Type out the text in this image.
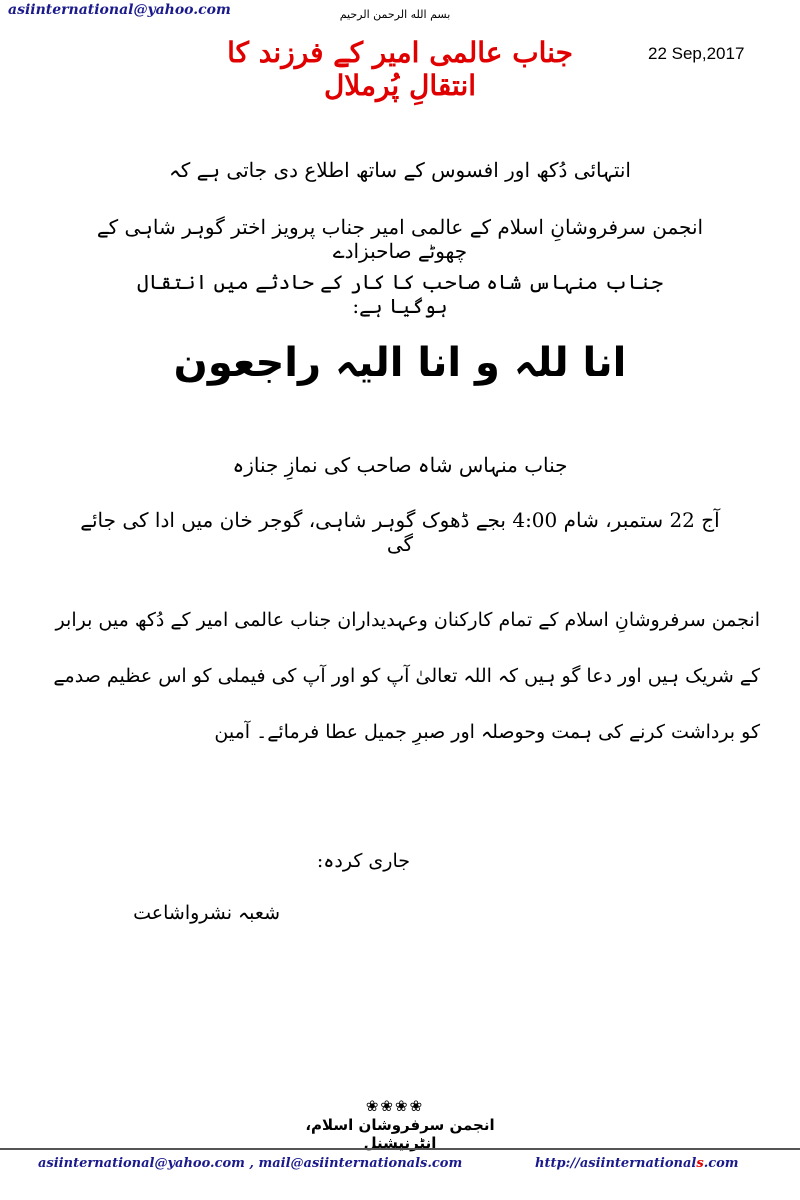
asiinternational@yahoo.com	بسم الله الرحمن الرحیم
جناب عالمی امیر کے فرزند کا انتقالِ پُرملال
22 Sep,2017
انتہائی دُکھ اور افسوس کے ساتھ اطلاع دی جاتی ہے کہ
انجمن سرفروشانِ اسلام کے عالمی امیر جناب پرویز اختر گوہر شاہی کے چھوٹے صاحبزادے
جناب منہاس شاہ صاحب کا کار کے حادثے میں انتقال ہوگیا ہے:
انا للہ و انا الیہ راجعون
جناب منہاس شاہ صاحب کی نمازِ جنازہ
آج 22 ستمبر، شام 4:00 بجے ڈھوک گوہر شاہی، گوجر خان میں ادا کی جائے گی
انجمن سرفروشانِ اسلام کے تمام کارکنان وعہدیداران جناب عالمی امیر کے دُکھ میں برابر کے شریک ہیں اور دعا گو ہیں کہ اللہ تعالیٰ آپ کو اور آپ کی فیملی کو اس عظیم صدمے کو برداشت کرنے کی ہمت وحوصلہ اور صبرِ جمیل عطا فرمائے۔ آمین
جاری کردہ:
شعبہ نشرواشاعت
❀❀❀❀
انجمن سرفروشان اسلام، انٹرنیشنل
asiinternational@yahoo.com , mail@asiinternationals.com	http://asiinternationals.com
